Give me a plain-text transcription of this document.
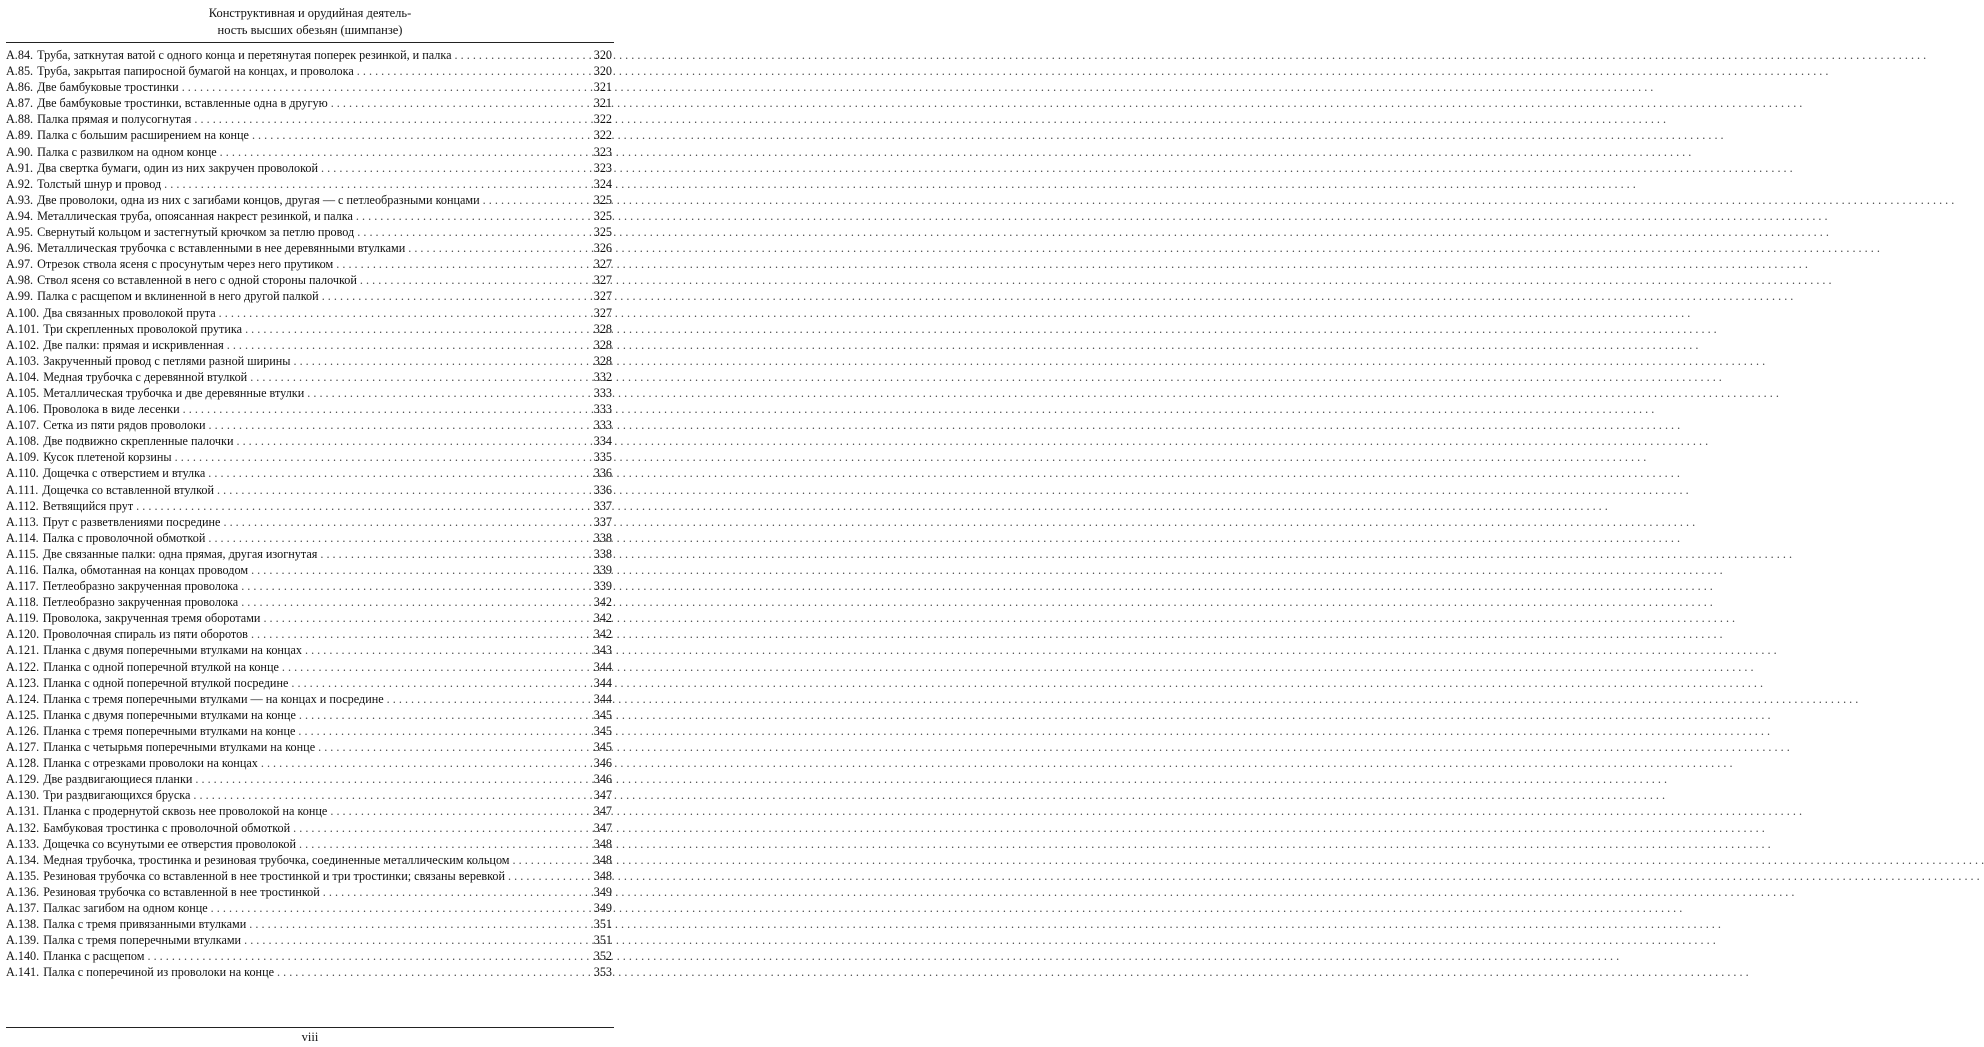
Конструктивная и орудийная деятель-
ность высших обезьян (шимпанзе)
А.84. Труба, заткнутая ватой с одного конца и перетянутая поперек резинкой, и палка . . .	320
А.85. Труба, закрытая папиросной бумагой на концах, и проволока . . .	320
А.86. Две бамбуковые тростинки . . .	321
А.87. Две бамбуковые тростинки, вставленные одна в другую . . .	321
А.88. Палка прямая и полусогнутая . . .	322
А.89. Палка с большим расширением на конце . . .	322
А.90. Палка с развилком на одном конце . . .	323
А.91. Два свертка бумаги, один из них закручен проволокой . . .	323
А.92. Толстый шнур и провод . . .	324
А.93. Две проволоки, одна из них с загибами концов, другая — с петлеобразными концами . . .	325
А.94. Металлическая труба, опоясанная накрест резинкой, и палка . . .	325
А.95. Свернутый кольцом и застегнутый крючком за петлю провод . . .	325
А.96. Металлическая трубочка с вставленными в нее деревянными втулками . . .	326
А.97. Отрезок ствола ясеня с просунутым через него прутиком . . .	327
А.98. Ствол ясеня со вставленной в него с одной стороны палочкой . . .	327
А.99. Палка с расщепом и вклиненной в него другой палкой . . .	327
А.100. Два связанных проволокой прута . . .	327
А.101. Три скрепленных проволокой прутика . . .	328
А.102. Две палки: прямая и искривленная . . .	328
А.103. Закрученный провод с петлями разной ширины . . .	328
А.104. Медная трубочка с деревянной втулкой . . .	332
А.105. Металлическая трубочка и две деревянные втулки . . .	333
А.106. Проволока в виде лесенки . . .	333
А.107. Сетка из пяти рядов проволоки . . .	333
А.108. Две подвижно скрепленные палочки . . .	334
А.109. Кусок плетеной корзины . . .	335
А.110. Дощечка с отверстием и втулка . . .	336
А.111. Дощечка со вставленной втулкой . . .	336
А.112. Ветвящийся прут . . .	337
А.113. Прут с разветвлениями посредине . . .	337
А.114. Палка с проволочной обмоткой . . .	338
А.115. Две связанные палки: одна прямая, другая изогнутая . . .	338
А.116. Палка, обмотанная на концах проводом . . .	339
А.117. Петлеобразно закрученная проволока . . .	339
А.118. Петлеобразно закрученная проволока . . .	342
А.119. Проволока, закрученная тремя оборотами . . .	342
А.120. Проволочная спираль из пяти оборотов . . .	342
А.121. Планка с двумя поперечными втулками на концах . . .	343
А.122. Планка с одной поперечной втулкой на конце . . .	344
А.123. Планка с одной поперечной втулкой посредине . . .	344
А.124. Планка с тремя поперечными втулками — на концах и посредине . . .	344
А.125. Планка с двумя поперечными втулками на конце . . .	345
А.126. Планка с тремя поперечными втулками на конце . . .	345
А.127. Планка с четырьмя поперечными втулками на конце . . .	345
А.128. Планка с отрезками проволоки на концах . . .	346
А.129. Две раздвигающиеся планки . . .	346
А.130. Три раздвигающихся бруска . . .	347
А.131. Планка с продернутой сквозь нее проволокой на конце . . .	347
А.132. Бамбуковая тростинка с проволочной обмоткой . . .	347
А.133. Дощечка со всунутыми ее отверстия проволокой . . .	348
А.134. Медная трубочка, тростинка и резиновая трубочка, соединенные металлическим кольцом . . .	348
А.135. Резиновая трубочка со вставленной в нее тростинкой и три тростинки; связаны веревкой . . .	348
А.136. Резиновая трубочка со вставленной в нее тростинкой . . .	349
А.137. Палкас загибом на одном конце . . .	349
А.138. Палка с тремя привязанными втулками . . .	351
А.139. Палка с тремя поперечными втулками . . .	351
А.140. Планка с расщепом . . .	352
А.141. Палка с поперечиной из проволоки на конце . . .	353
viii
